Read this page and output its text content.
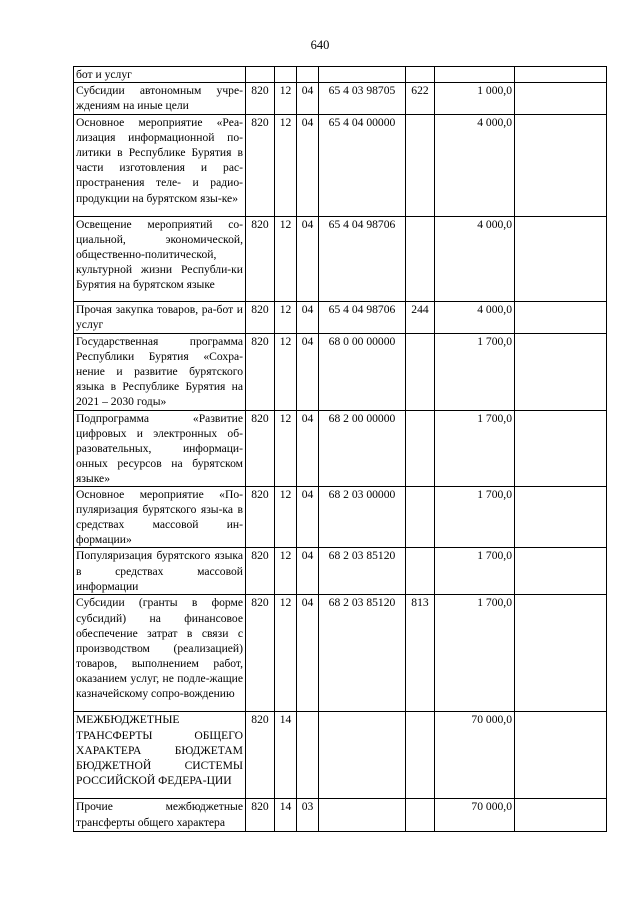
640
бот и услуг							

Субсидии автономным учре-ждениям на иные цели	820	12	04	65 4 03 98705	622	1 000,0	

Основное мероприятие «Реа-лизация информационной по-литики в Республике Бурятия в части изготовления и рас-пространения теле- и радио-продукции на бурятском язы-ке»	820	12	04	65 4 04 00000		4 000,0	

Освещение мероприятий со-циальной, экономической, общественно-политической, культурной жизни Республи-ки Бурятия на бурятском языке	820	12	04	65 4 04 98706		4 000,0	

Прочая закупка товаров, ра-бот и услуг	820	12	04	65 4 04 98706	244	4 000,0	

Государственная программа Республики Бурятия «Сохра-нение и развитие бурятского языка в Республике Бурятия на 2021 – 2030 годы»	820	12	04	68 0 00 00000		1 700,0	

Подпрограмма «Развитие цифровых и электронных об-разовательных, информаци-онных ресурсов на бурятском языке»	820	12	04	68 2 00 00000		1 700,0	

Основное мероприятие «По-пуляризация бурятского язы-ка в средствах массовой ин-формации»	820	12	04	68 2 03 00000		1 700,0	

Популяризация бурятского языка в средствах массовой информации	820	12	04	68 2 03 85120		1 700,0	

Субсидии (гранты в форме субсидий) на финансовое обеспечение затрат в связи с производством (реализацией) товаров, выполнением работ, оказанием услуг, не подле-жащие казначейскому сопро-вождению	820	12	04	68 2 03 85120	813	1 700,0	

МЕЖБЮДЖЕТНЫЕ ТРАНСФЕРТЫ ОБЩЕГО ХАРАКТЕРА БЮДЖЕТАМ БЮДЖЕТНОЙ СИСТЕМЫ РОССИЙСКОЙ ФЕДЕРА-ЦИИ	820	14				70 000,0	

Прочие межбюджетные трансферты общего характера	820	14	03			70 000,0	
